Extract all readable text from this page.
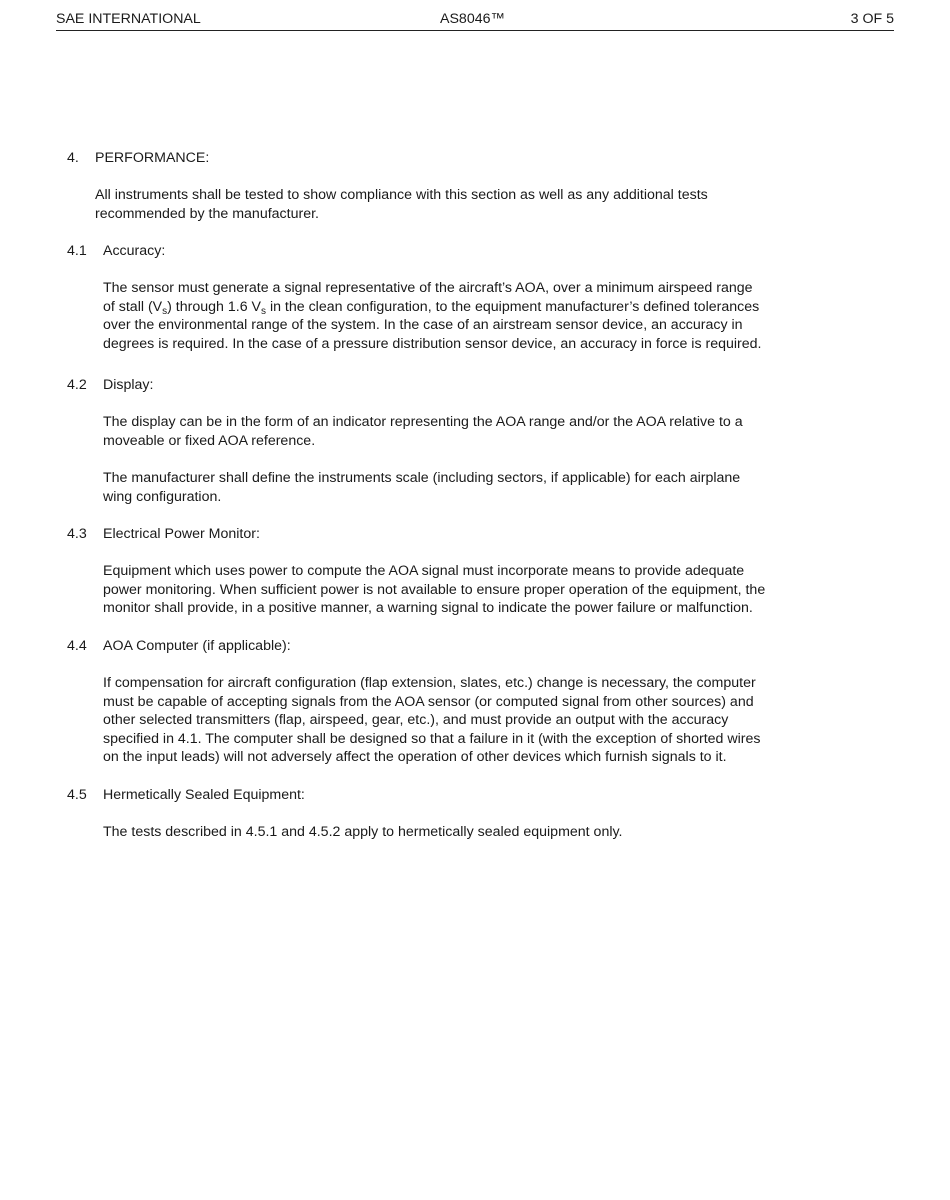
SAE INTERNATIONAL	AS8046™	3 OF 5
4. PERFORMANCE:
All instruments shall be tested to show compliance with this section as well as any additional tests
recommended by the manufacturer.
4.1 Accuracy:
The sensor must generate a signal representative of the aircraft’s AOA, over a minimum airspeed range
of stall $(V_s)$ through 1.6 $V_s$ in the clean configuration, to the equipment manufacturer’s defined tolerances
over the environmental range of the system. In the case of an airstream sensor device, an accuracy in
degrees is required. In the case of a pressure distribution sensor device, an accuracy in force is required.
4.2 Display:
The display can be in the form of an indicator representing the AOA range and/or the AOA relative to a
moveable or fixed AOA reference.
The manufacturer shall define the instruments scale (including sectors, if applicable) for each airplane
wing configuration.
4.3 Electrical Power Monitor:
Equipment which uses power to compute the AOA signal must incorporate means to provide adequate
power monitoring. When sufficient power is not available to ensure proper operation of the equipment, the
monitor shall provide, in a positive manner, a warning signal to indicate the power failure or malfunction.
4.4 AOA Computer (if applicable):
If compensation for aircraft configuration (flap extension, slates, etc.) change is necessary, the computer
must be capable of accepting signals from the AOA sensor (or computed signal from other sources) and
other selected transmitters (flap, airspeed, gear, etc.), and must provide an output with the accuracy
specified in 4.1. The computer shall be designed so that a failure in it (with the exception of shorted wires
on the input leads) will not adversely affect the operation of other devices which furnish signals to it.
4.5 Hermetically Sealed Equipment:
The tests described in 4.5.1 and 4.5.2 apply to hermetically sealed equipment only.
